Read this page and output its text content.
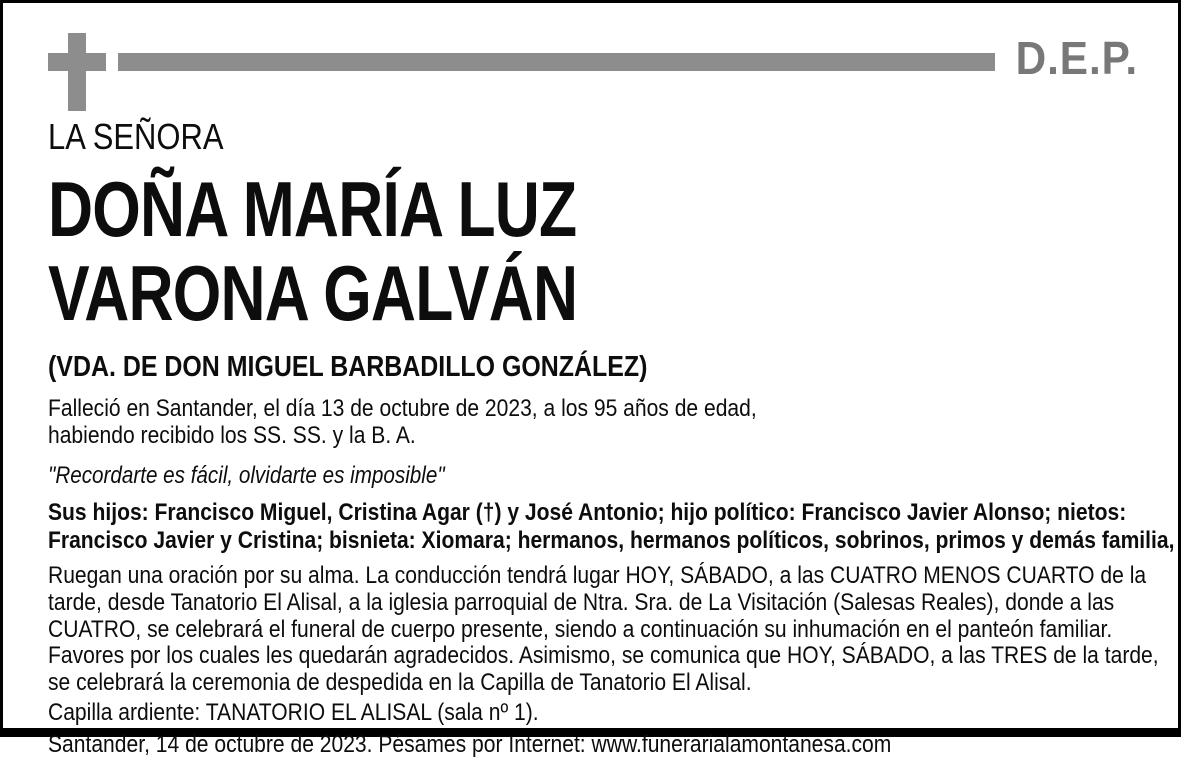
D.E.P.
LA SEÑORA
DOÑA MARÍA LUZ
VARONA GALVÁN
(VDA. DE DON MIGUEL BARBADILLO GONZÁLEZ)
Falleció en Santander, el día 13 de octubre de 2023, a los 95 años de edad,
habiendo recibido los SS. SS. y la B. A.
"Recordarte es fácil, olvidarte es imposible"
Sus hijos: Francisco Miguel, Cristina Agar (†) y José Antonio; hijo político: Francisco Javier Alonso; nietos:
Francisco Javier y Cristina; bisnieta: Xiomara; hermanos, hermanos políticos, sobrinos, primos y demás familia,
Ruegan una oración por su alma. La conducción tendrá lugar HOY, SÁBADO, a las CUATRO MENOS CUARTO de la
tarde, desde Tanatorio El Alisal, a la iglesia parroquial de Ntra. Sra. de La Visitación (Salesas Reales), donde a las
CUATRO, se celebrará el funeral de cuerpo presente, siendo a continuación su inhumación en el panteón familiar.
Favores por los cuales les quedarán agradecidos. Asimismo, se comunica que HOY, SÁBADO, a las TRES de la tarde,
se celebrará la ceremonia de despedida en la Capilla de Tanatorio El Alisal.
Capilla ardiente: TANATORIO EL ALISAL (sala nº 1).
Santander, 14 de octubre de 2023. Pésames por Internet: www.funerarialamontanesa.com
